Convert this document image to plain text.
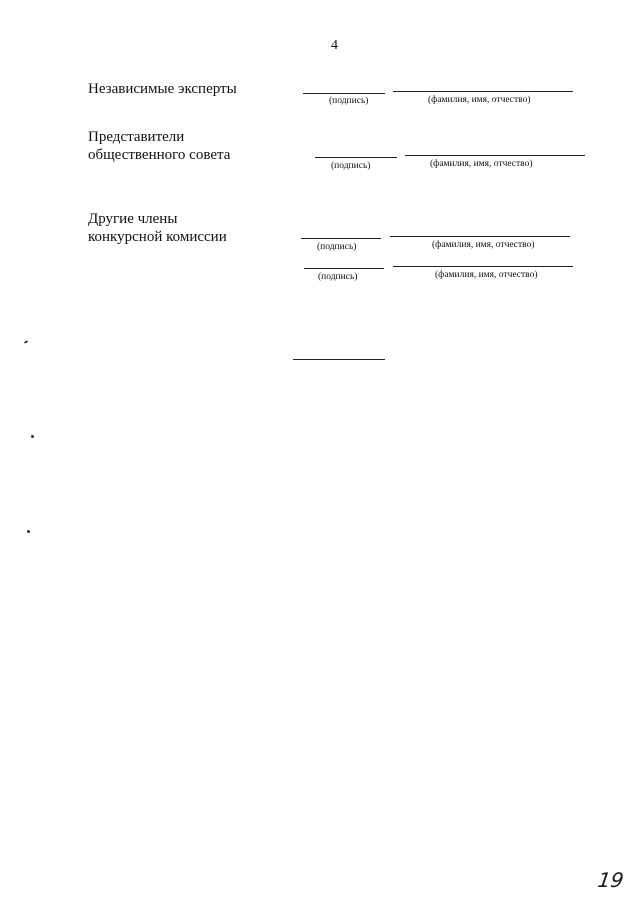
4
Независимые эксперты
(подпись)	(фамилия, имя, отчество)
Представители
общественного совета
(подпись)	(фамилия, имя, отчество)
Другие члены
конкурсной комиссии
(подпись)	(фамилия, имя, отчество)
(подпись)	(фамилия, имя, отчество)
19
